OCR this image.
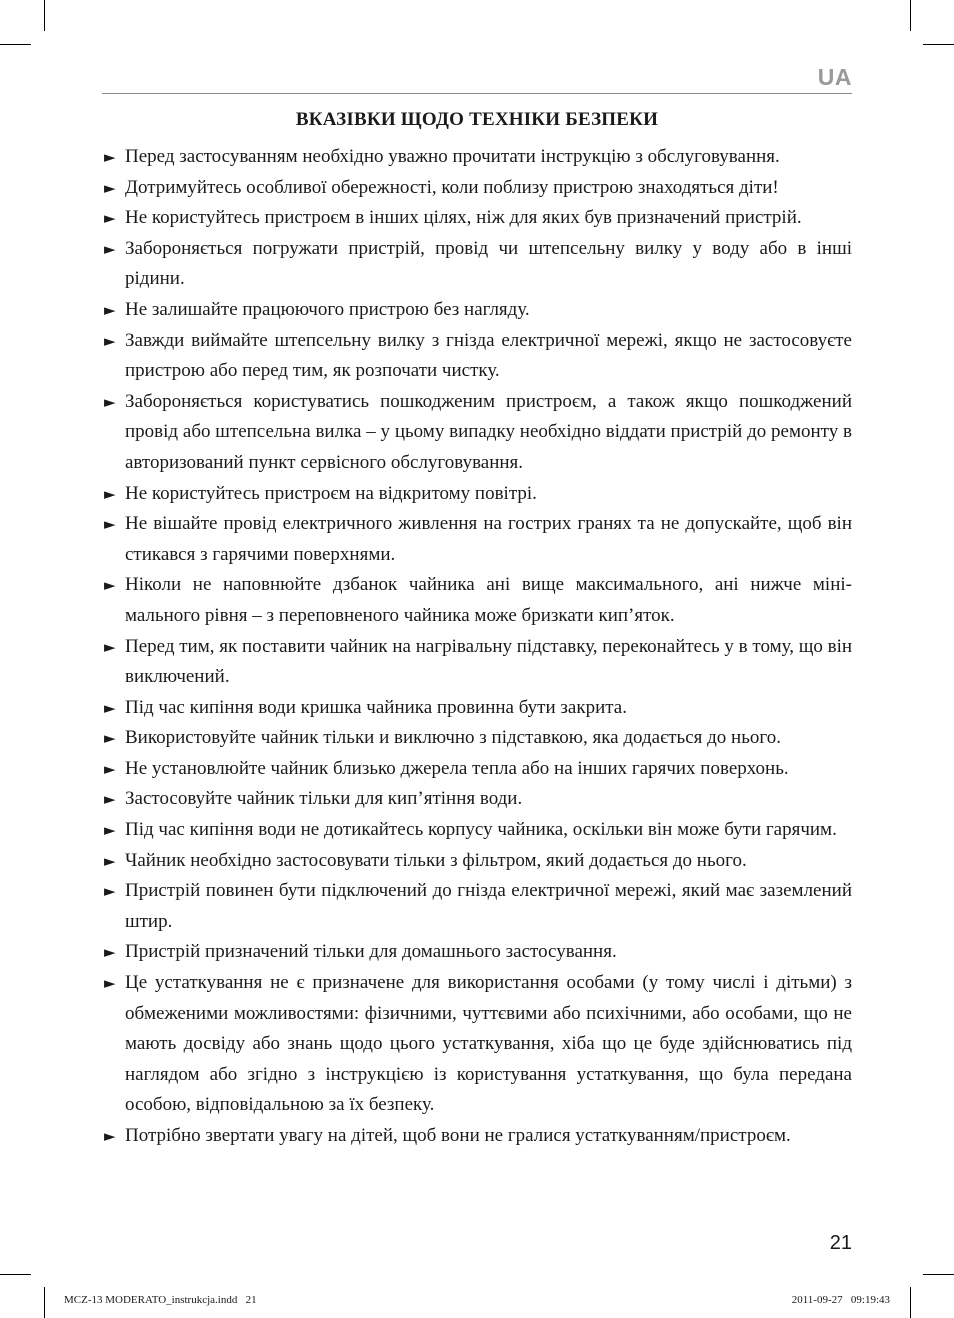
UA
ВКАЗІВКИ ЩОДО ТЕХНІКИ БЕЗПЕКИ
► Перед застосуванням необхідно уважно прочитати інструкцію з обслуговування.
► Дотримуйтесь особливої обережності, коли поблизу пристрою знаходяться діти!
► Не користуйтесь пристроєм в інших цілях, ніж для яких був призначений пристрій.
► Забороняється погружати пристрій, провід чи штепсельну вилку у воду або в інші рідини.
► Не залишайте працюючого пристрою без нагляду.
► Завжди виймайте штепсельну вилку з гнізда електричної мережі, якщо не застосовуєте пристрою або перед тим, як розпочати чистку.
► Забороняється користуватись пошкодженим пристроєм, а також якщо пошкоджений провід або штепсельна вилка – у цьому випадку необхідно віддати пристрій до ремонту в авторизований пункт сервісного обслуговування.
► Не користуйтесь пристроєм на відкритому повітрі.
► Не вішайте провід електричного живлення на гострих гранях та не допускайте, щоб він стикався з гарячими поверхнями.
► Ніколи не наповнюйте дзбанок чайника ані вище максимального, ані нижче мінімального рівня – з переповненого чайника може бризкати кип’яток.
► Перед тим, як поставити чайник на нагрівальну підставку, переконайтесь у в тому, що він виключений.
► Під час кипіння води кришка чайника провинна бути закрита.
► Використовуйте чайник тільки и виключно з підставкою, яка додається до нього.
► Не установлюйте чайник близько джерела тепла або на інших гарячих поверхонь.
► Застосовуйте чайник тільки для кип’ятіння води.
► Під час кипіння води не дотикайтесь корпусу чайника, оскільки він може бути гарячим.
► Чайник необхідно застосовувати тільки з фільтром, який додається до нього.
► Пристрій повинен бути підключений до гнізда електричної мережі, який має заземлений штир.
► Пристрій призначений тільки для домашнього застосування.
► Це устаткування не є призначене для використання особами (у тому числі і дітьми) з обмеженими можливостями: фізичними, чуттєвими або психічними, або особами, що не мають досвіду або знань щодо цього устаткування, хіба що це буде здійснюватись під наглядом або згідно з інструкцією із користування устаткування, що була передана особою, відповідальною за їх безпеку.
► Потрібно звертати увагу на дітей, щоб вони не гралися устаткуванням/пристроєм.
21
MCZ-13 MODERATO_instrukcja.indd   21	2011-09-27   09:19:43
